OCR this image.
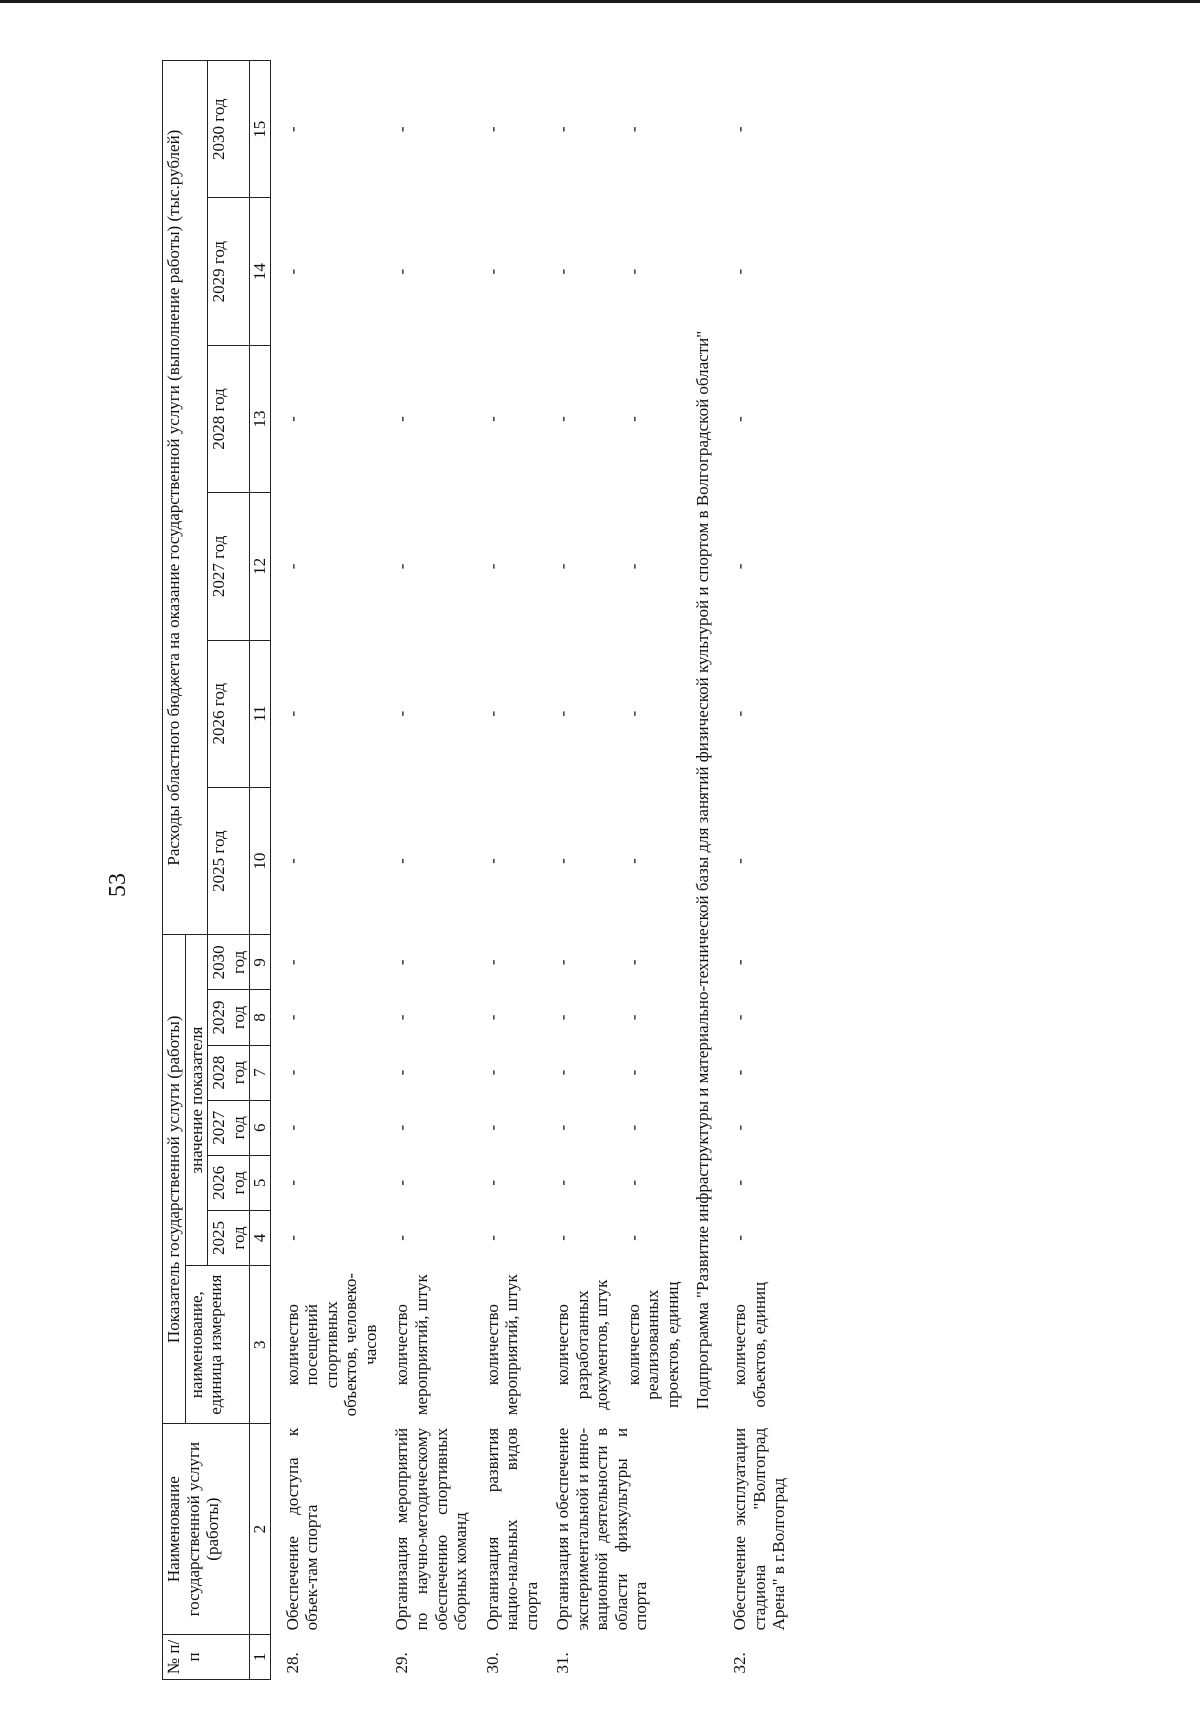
53
№ п/п	Наименование государственной услуги (работы)	Показатель государственной услуги (работы)							Расходы областного бюджета на оказание государственной услуги (выполнение работы) (тыс.рублей)					
		наименование, единица измерения	значение показателя											
			2025 год	2026 год	2027 год	2028 год	2029 год	2030 год	2025 год	2026 год	2027 год	2028 год	2029 год	2030 год
1	2	3	4	5	6	7	8	9	10	11	12	13	14	15
28.	Обеспечение доступа к объек-там спорта	количество посещений спортивных объектов, человеко-часов	-	-	-	-	-	-	-	-	-	-	-	-
29.	Организация мероприятий по научно-методическому обеспечению спортивных сборных команд	количество мероприятий, штук	-	-	-	-	-	-	-	-	-	-	-	-
30.	Организация развития нацио-нальных видов спорта	количество мероприятий, штук	-	-	-	-	-	-	-	-	-	-	-	-
31.	Организация и обеспечение экспериментальной и инно-вационной деятельности в области физкультуры и спорта	количество разработанных документов, штук	-	-	-	-	-	-	-	-	-	-	-	-
		количество реализованных проектов, единиц	-	-	-	-	-	-	-	-	-	-	-	-
Подпрограмма "Развитие инфраструктуры и материально-технической базы для занятий физической культурой и спортом в Волгоградской области"														
32.	Обеспечение эксплуатации стадиона "Волгоград Арена" в г.Волгоград	количество объектов, единиц	-	-	-	-	-	-	-	-	-	-	-	-
